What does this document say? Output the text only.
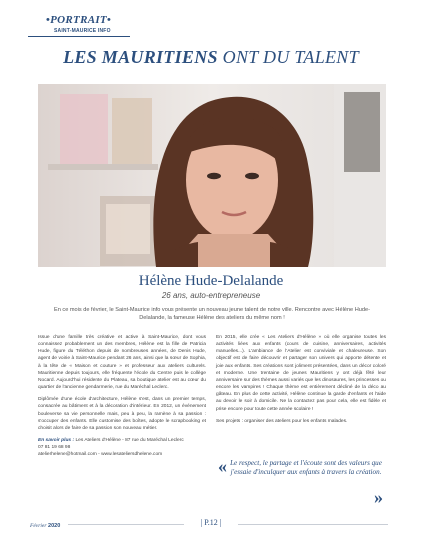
•PORTRAIT•
SAINT-MAURICE INFO
LES MAURITIENS ONT DU TALENT
Hélène Hude-Delalande
26 ans, auto-entrepreneuse
En ce mois de février, le Saint-Maurice info vous présente un nouveau jeune talent de notre ville. Rencontre avec Hélène Hude-Delalande, la fameuse Hélène des ateliers du même nom !

Issue d'une famille très créative et active à Saint-Maurice, dont vous connaissez probablement un des membres, Hélène est la fille de Patricia Hude, figure du Téléthon depuis de nombreuses années, de Denis Hude, agent de voirie à Saint-Maurice pendant 26 ans, ainsi que la sœur de Sophia, à la tête de « Maison et couture » et professeur aux ateliers culturels. Mauritienne depuis toujours, elle fréquente l'école du Centre puis le collège Nocard. Aujourd'hui résidente du Plateau, sa boutique atelier est au cœur du quartier de l'ancienne gendarmerie, rue du Maréchal Leclerc.

Diplômée d'une école d'architecture, Hélène s'est, dans un premier temps, consacrée au bâtiment et à la décoration d'intérieur. En 2012, un événement bouleverse sa vie personnelle mais, peu à peu, la ramène à sa passion : s'occuper des enfants. Elle customise des boîtes, adopte le scrapbooking et choisit alors de faire de sa passion son nouveau métier.

En savoir plus : Les Ateliers d'Hélène - 87 rue du Maréchal Leclerc
07 81 19 68 98
atelierhelene@hotmail.com - www.lesateliersdhelene.com

En 2015, elle crée « Les Ateliers d'Hélène » où elle organise toutes les activités liées aux enfants (cours de cuisine, anniversaires, activités manuelles...). L'ambiance de l'Atelier est conviviale et chaleureuse. Son objectif est de faire découvrir et partager son univers qui apporte détente et joie aux enfants. Ses créations sont joliment présentées, dans un décor coloré et moderne. Une trentaine de jeunes Mauritiens y ont déjà fêté leur anniversaire sur des thèmes aussi variés que les dinosaures, les princesses ou encore les vampires ! Chaque thème est entièrement décliné de la déco au gâteau. En plus de cette activité, Hélène continue la garde d'enfants et l'aide au devoir le soir à domicile. Ne la contactez pas pour cela, elle est fidèle et prise encore pour toute cette année scolaire !

Ses projets : organiser des ateliers pour les enfants malades.

« Le respect, le partage et l'écoute sont des valeurs que j'essaie d'inculquer aux enfants à travers la création.
»
Février 2020	| P.12 |
